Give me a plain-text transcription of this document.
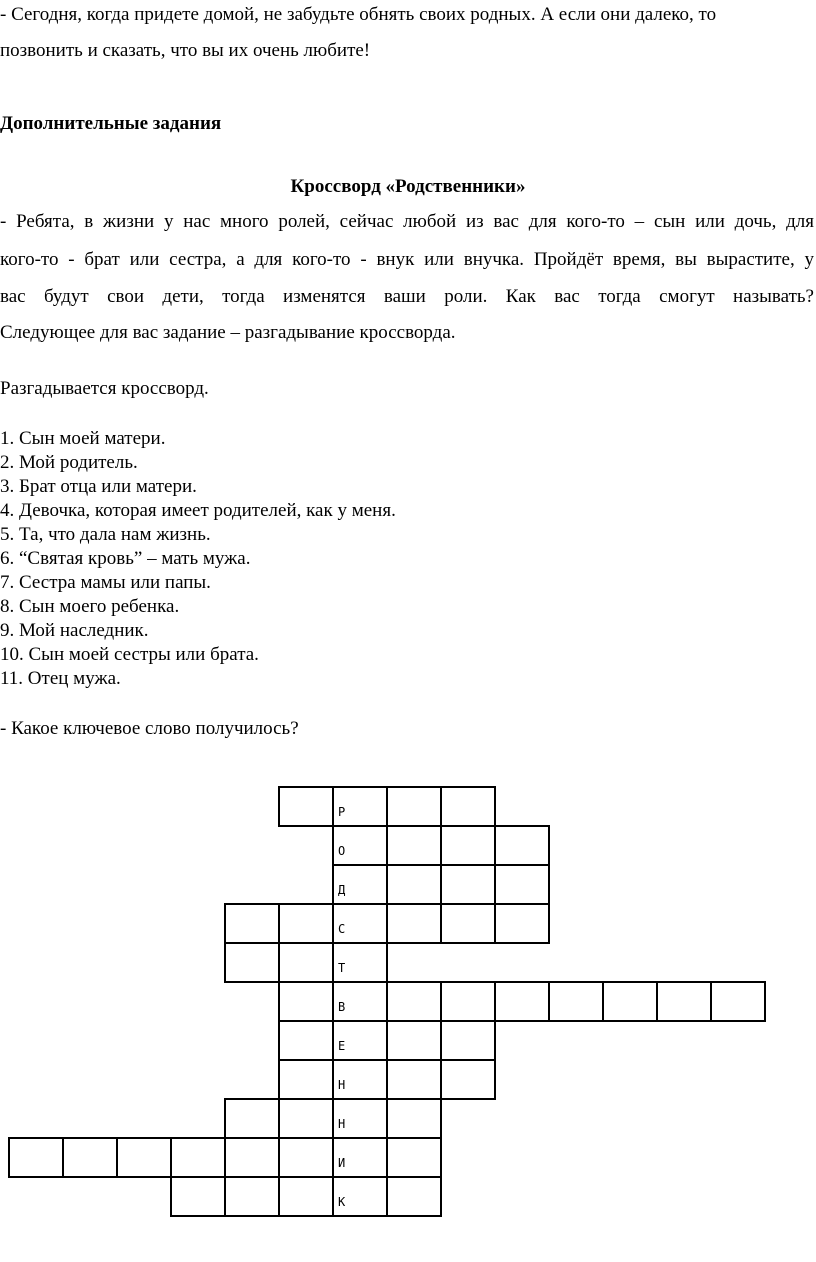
- Сегодня, когда придете домой, не забудьте обнять своих родных. А если они далеко, то
позвонить и сказать, что вы их очень любите!
Дополнительные задания
Кроссворд «Родственники»
- Ребята, в жизни у нас много ролей, сейчас любой из вас для кого-то – сын или дочь, для
кого-то - брат или сестра, а для кого-то - внук или внучка. Пройдёт время, вы вырастите, у
вас будут свои дети, тогда изменятся ваши роли. Как вас тогда смогут называть?
Следующее для вас задание – разгадывание кроссворда.
Разгадывается кроссворд.
1. Сын моей матери.
2. Мой родитель.
3. Брат отца или матери.
4. Девочка, которая имеет родителей, как у меня.
5. Та, что дала нам жизнь.
6. “Святая кровь” – мать мужа.
7. Сестра мамы или папы.
8. Сын моего ребенка.
9. Мой наследник.
10. Сын моей сестры или брата.
11. Отец мужа.
- Какое ключевое слово получилось?
Р
О
Д
С
Т
В
Е
Н
Н
И
К
